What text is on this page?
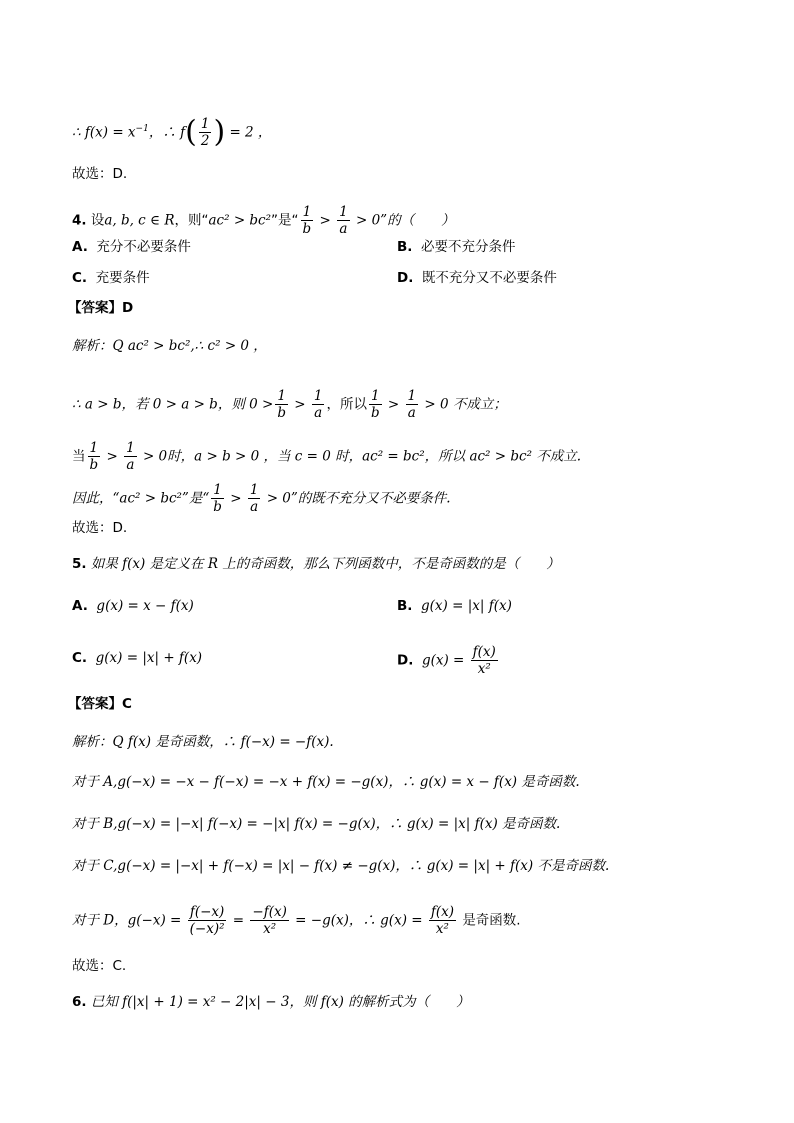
∴ $f(x) = x^{-1}$，∴ $f( \frac{1}{2}$ ) = 2 ，
故选：D.
4. 设a, b, c ∈ R，则“ac² > bc²”是“ $\frac{1}{b} > \frac{1}{a} > 0$”的（　　）
A. 充分不必要条件	B. 必要不充分条件
C. 充要条件	D. 既不充分又不必要条件
【答案】D
解析：Q ac² > bc²,∴ c² > 0 ，
∴ a > b，若 0 > a > b，则 $0 > \frac{1}{b} > \frac{1}{a}$ ，所以 $\frac{1}{b} > \frac{1}{a} > 0$ 不成立；
当 $\frac{1}{b} > \frac{1}{a} > 0$时，a > b > 0 ，当 c = 0 时，ac² = bc²，所以 ac² > bc² 不成立.
因此，“ac² > bc²”是“ $\frac{1}{b} > \frac{1}{a} > 0$”的既不充分又不必要条件.
故选：D.
5. 如果 f(x) 是定义在 R 上的奇函数，那么下列函数中，不是奇函数的是（　　）
A. g(x) = x − f(x)	B. g(x) = |x| f(x)
C. g(x) = |x| + f(x)	D. $g(x) = \frac{f(x)}{\text{x²}}$
【答案】C
解析：Q f(x) 是奇函数，∴ f(−x) = −f(x).
对于 A,g(−x) = −x − f(−x) = −x + f(x) = −g(x)，∴ g(x) = x − f(x) 是奇函数.
对于 B,g(−x) = |−x| f(−x) = −|x| f(x) = −g(x)，∴ g(x) = |x| f(x) 是奇函数.
对于 C,g(−x) = |−x| + f(−x) = |x| − f(x) ≠ −g(x)，∴ g(x) = |x| + f(x) 不是奇函数.
对于 D，$g(-x) = \frac{f(-x)}{\text{(−x)²}} = \frac{-f(x)}{\text{x²}} = -g(x)$，∴ $g(x) = \frac{f(x)}{\text{x²}}$ 是奇函数.
故选：C.
6. 已知 f(|x| + 1) = x² − 2|x| − 3，则 f(x) 的解析式为（　　）
